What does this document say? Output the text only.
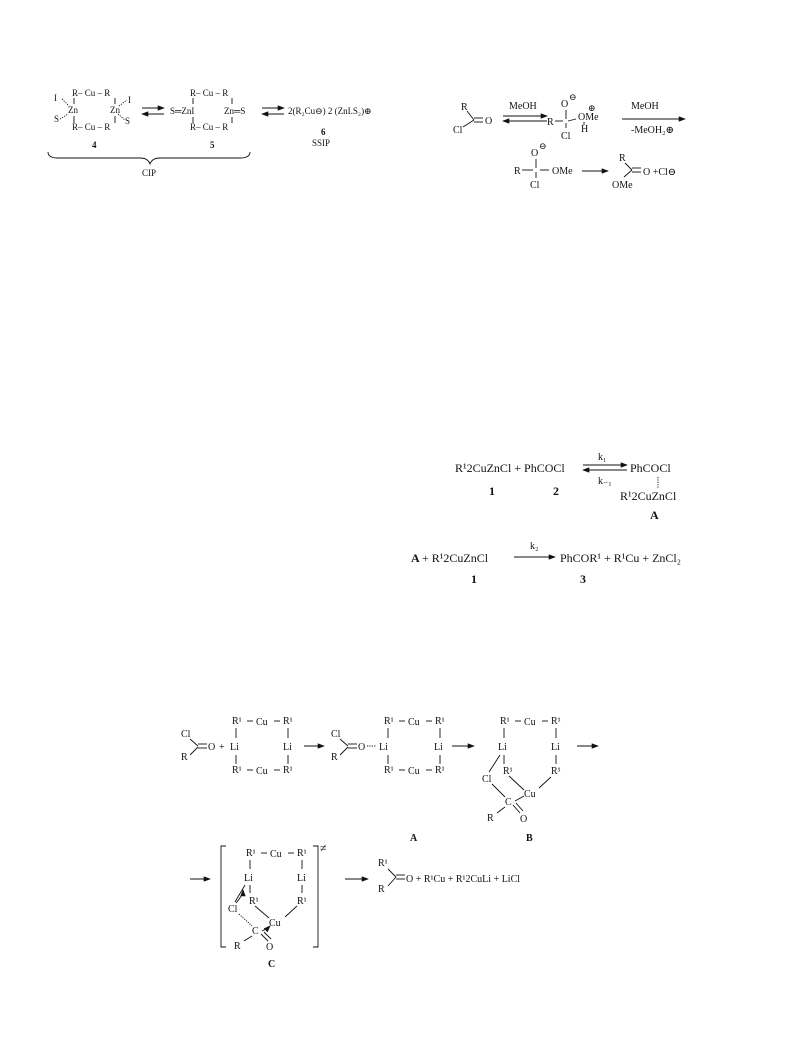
R– Cu – R
R– Cu – R
I	I
Zn	Zn
S	S
4
R– Cu – R
R– Cu – R
S═ZnI	Zn═S
5
2(R₂Cu⊖) 2 (ZnI.S₂)⊕
6
SSIP
CIP
R
Cl
O
MeOH O
⊖
R
Cl
OMe
⊕
H
MeOH
-MeOH₂⊕
O
⊖
R
Cl
OMe
R
OMe
O +Cl⊖
R¹2CuZnCl + PhCOCl
k₁
k₋₁
PhCOCl
R¹2CuZnCl
1	2
A
A + R¹2CuZnCl
k₂
PhCOR¹ + R¹Cu + ZnCl₂
1	3
Cl
R
O +
R¹ Cu R¹
Li	Li
R¹ Cu R¹
Cl
R
O
R¹ Cu R¹
Li	Li
R¹ Cu R¹
A
R¹ Cu R¹
Li	Li
R¹	R¹
Cl
Cu
C
O
R
B
≠
R¹ Cu R¹
Li	Li
R¹	R¹
Cl
Cu
C
O
R
C
R¹
R
O + R¹Cu + R¹2CuLi + LiCl
